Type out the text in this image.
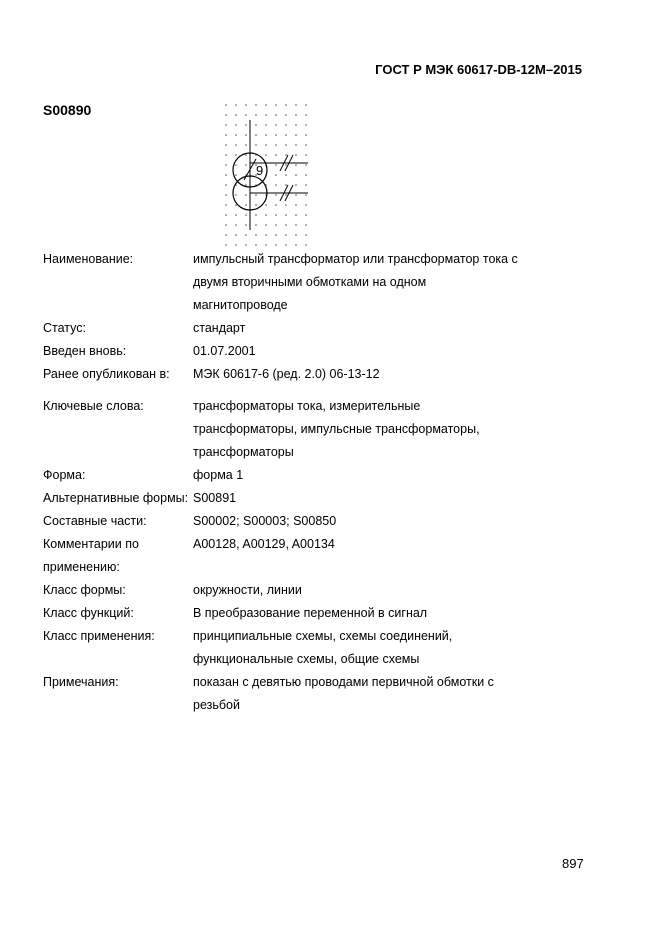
ГОСТ Р МЭК 60617-DB-12M–2015
S00890
9
Наименование:	импульсный трансформатор или трансформатор тока с
двумя вторичными обмотками на одном
магнитопроводе
Статус:	стандарт
Введен вновь:	01.07.2001
Ранее опубликован в:	МЭК 60617-6 (ред. 2.0) 06-13-12
Ключевые слова:	трансформаторы тока, измерительные
трансформаторы, импульсные трансформаторы,
трансформаторы
Форма:	форма 1
Альтернативные формы: S00891
Составные части:	S00002; S00003; S00850
Комментарии по применению:
A00128, A00129, A00134
Класс формы:	окружности, линии
Класс функций:	В преобразование переменной в сигнал
Класс применения:	принципиальные схемы, схемы соединений,
функциональные схемы, общие схемы
Примечания:	показан с девятью проводами первичной обмотки с
резьбой
897
